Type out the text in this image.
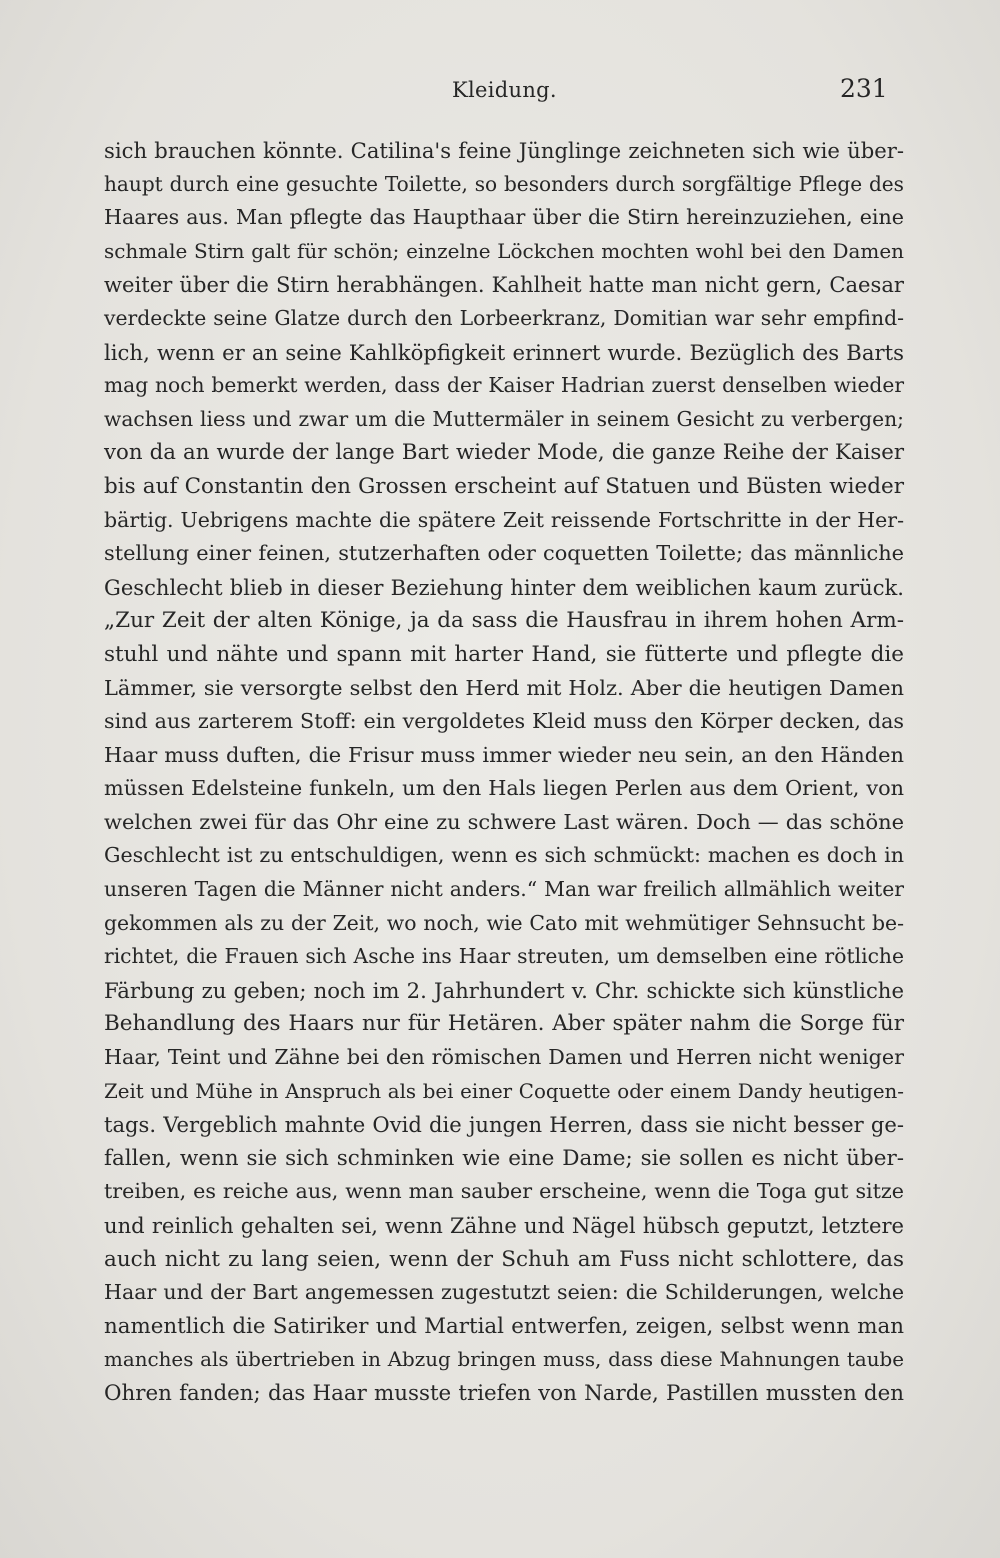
Kleidung.	231
sich brauchen könnte. Catilina's feine Jünglinge zeichneten sich wie über-
haupt durch eine gesuchte Toilette, so besonders durch sorgfältige Pflege des
Haares aus. Man pflegte das Haupthaar über die Stirn hereinzuziehen, eine
schmale Stirn galt für schön; einzelne Löckchen mochten wohl bei den Damen
weiter über die Stirn herabhängen. Kahlheit hatte man nicht gern, Caesar
verdeckte seine Glatze durch den Lorbeerkranz, Domitian war sehr empfind-
lich, wenn er an seine Kahlköpfigkeit erinnert wurde. Bezüglich des Barts
mag noch bemerkt werden, dass der Kaiser Hadrian zuerst denselben wieder
wachsen liess und zwar um die Muttermäler in seinem Gesicht zu verbergen;
von da an wurde der lange Bart wieder Mode, die ganze Reihe der Kaiser
bis auf Constantin den Grossen erscheint auf Statuen und Büsten wieder
bärtig. Uebrigens machte die spätere Zeit reissende Fortschritte in der Her-
stellung einer feinen, stutzerhaften oder coquetten Toilette; das männliche
Geschlecht blieb in dieser Beziehung hinter dem weiblichen kaum zurück.
„Zur Zeit der alten Könige, ja da sass die Hausfrau in ihrem hohen Arm-
stuhl und nähte und spann mit harter Hand, sie fütterte und pflegte die
Lämmer, sie versorgte selbst den Herd mit Holz. Aber die heutigen Damen
sind aus zarterem Stoff: ein vergoldetes Kleid muss den Körper decken, das
Haar muss duften, die Frisur muss immer wieder neu sein, an den Händen
müssen Edelsteine funkeln, um den Hals liegen Perlen aus dem Orient, von
welchen zwei für das Ohr eine zu schwere Last wären. Doch — das schöne
Geschlecht ist zu entschuldigen, wenn es sich schmückt: machen es doch in
unseren Tagen die Männer nicht anders.“ Man war freilich allmählich weiter
gekommen als zu der Zeit, wo noch, wie Cato mit wehmütiger Sehnsucht be-
richtet, die Frauen sich Asche ins Haar streuten, um demselben eine rötliche
Färbung zu geben; noch im 2. Jahrhundert v. Chr. schickte sich künstliche
Behandlung des Haars nur für Hetären. Aber später nahm die Sorge für
Haar, Teint und Zähne bei den römischen Damen und Herren nicht weniger
Zeit und Mühe in Anspruch als bei einer Coquette oder einem Dandy heutigen-
tags. Vergeblich mahnte Ovid die jungen Herren, dass sie nicht besser ge-
fallen, wenn sie sich schminken wie eine Dame; sie sollen es nicht über-
treiben, es reiche aus, wenn man sauber erscheine, wenn die Toga gut sitze
und reinlich gehalten sei, wenn Zähne und Nägel hübsch geputzt, letztere
auch nicht zu lang seien, wenn der Schuh am Fuss nicht schlottere, das
Haar und der Bart angemessen zugestutzt seien: die Schilderungen, welche
namentlich die Satiriker und Martial entwerfen, zeigen, selbst wenn man
manches als übertrieben in Abzug bringen muss, dass diese Mahnungen taube
Ohren fanden; das Haar musste triefen von Narde, Pastillen mussten den
